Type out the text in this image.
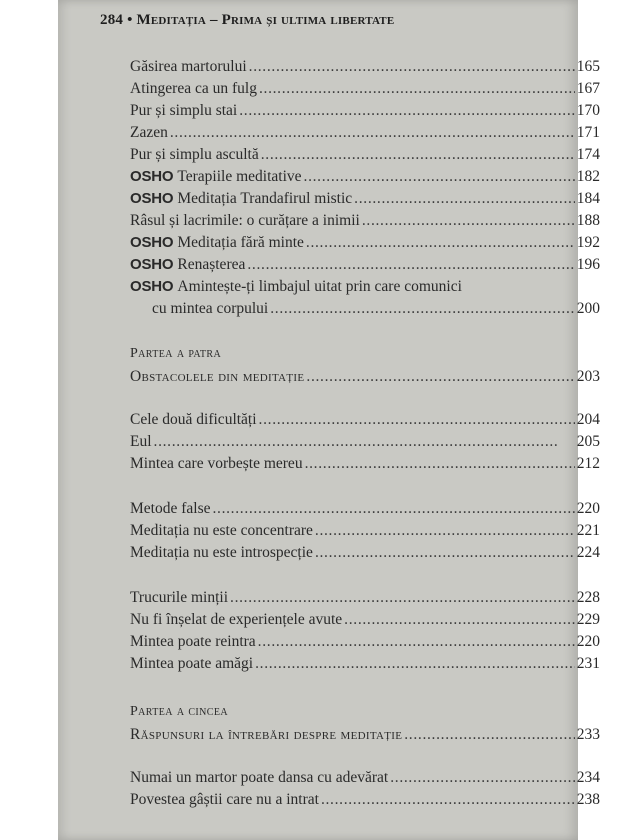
284 • Meditația – Prima și ultima libertate
Găsirea martorului . . .	165
Atingerea ca un fulg . . .	167
Pur și simplu stai . . .	170
Zazen . . .	171
Pur și simplu ascultă . . .	174
OSHO Terapiile meditative . . .	182
OSHO Meditația Trandafirul mistic . . .	184
Râsul și lacrimile: o curățare a inimii . . .	188
OSHO Meditația fără minte . . .	192
OSHO Renașterea . . .	196
OSHO Amintește-ți limbajul uitat prin care comunici
cu mintea corpului . . .	200
Partea a patra
Obstacolele din meditație . . .	203
Cele două dificultăți . . .	204
Eul . . .	205
Mintea care vorbește mereu . . .	212
Metode false . . .	220
Meditația nu este concentrare . . .	221
Meditația nu este introspecție . . .	224
Trucurile minții . . .	228
Nu fi înșelat de experiențele avute . . .	229
Mintea poate reintra . . .	220
Mintea poate amăgi . . .	231
Partea a cincea
Răspunsuri la întrebări despre meditație . . .	233
Numai un martor poate dansa cu adevărat . . .	234
Povestea gâștii care nu a intrat . . .	238
